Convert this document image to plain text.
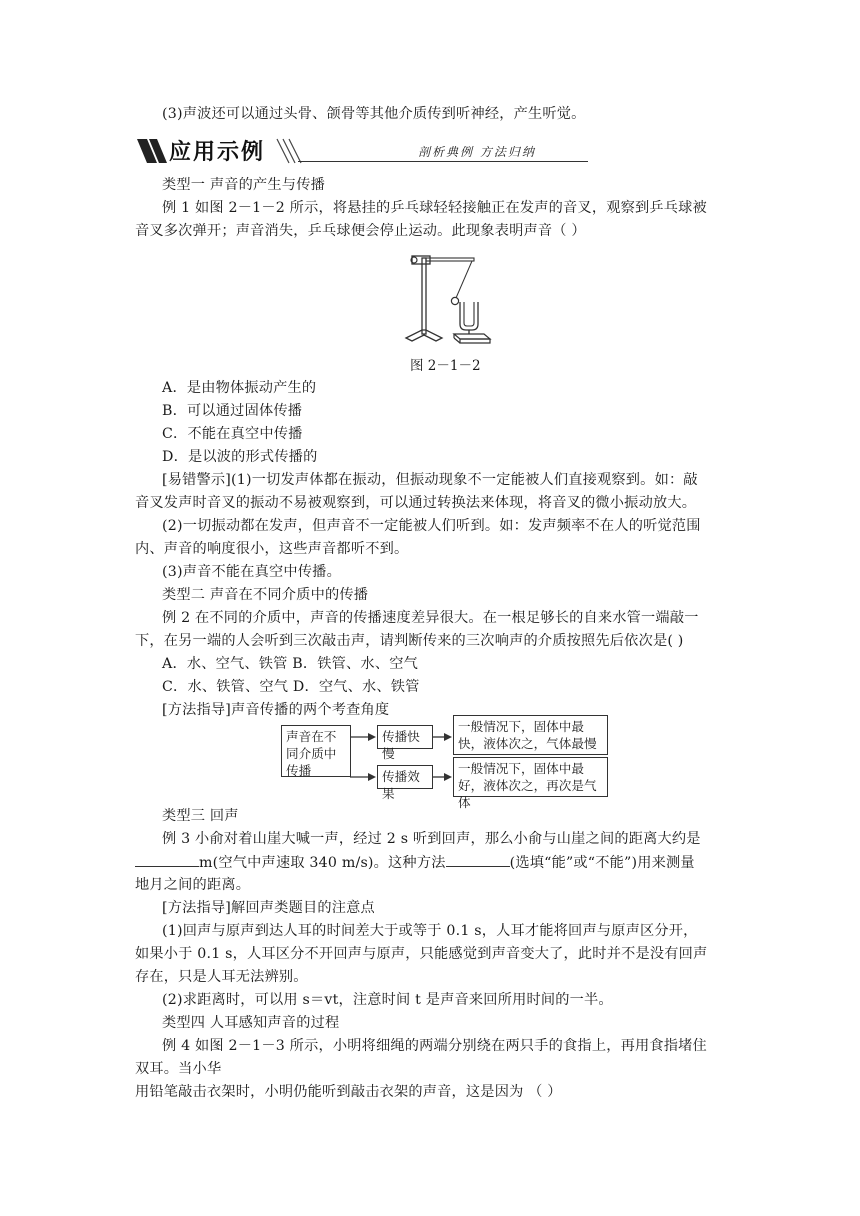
(3)声波还可以通过头骨、颌骨等其他介质传到听神经，产生听觉。
应用示例	剖析典例 方法归纳
类型一 声音的产生与传播
例 1 如图 2－1－2 所示，将悬挂的乒乓球轻轻接触正在发声的音叉，观察到乒乓球被
音叉多次弹开；声音消失，乒乓球便会停止运动。此现象表明声音（ ）
图 2－1－2
A．是由物体振动产生的
B．可以通过固体传播
C．不能在真空中传播
D．是以波的形式传播的
[易错警示](1)一切发声体都在振动，但振动现象不一定能被人们直接观察到。如：敲
音叉发声时音叉的振动不易被观察到，可以通过转换法来体现，将音叉的微小振动放大。
(2)一切振动都在发声，但声音不一定能被人们听到。如：发声频率不在人的听觉范围
内、声音的响度很小，这些声音都听不到。
(3)声音不能在真空中传播。
类型二 声音在不同介质中的传播
例 2 在不同的介质中，声音的传播速度差异很大。在一根足够长的自来水管一端敲一
下，在另一端的人会听到三次敲击声，请判断传来的三次响声的介质按照先后依次是( )
A．水、空气、铁管 B．铁管、水、空气
C．水、铁管、空气 D．空气、水、铁管
[方法指导]声音传播的两个考查角度
声音在不同介质中传播
传播快慢
一般情况下，固体中最快，液体次之，气体最慢
传播效果
一般情况下，固体中最好，液体次之，再次是气体
类型三 回声
例 3 小俞对着山崖大喊一声，经过 2 s 听到回声，那么小俞与山崖之间的距离大约是
m(空气中声速取 340 m/s)。这种方法	(选填“能”或“不能”)用来测量
地月之间的距离。
[方法指导]解回声类题目的注意点
(1)回声与原声到达人耳的时间差大于或等于 0.1 s，人耳才能将回声与原声区分开，
如果小于 0.1 s，人耳区分不开回声与原声，只能感觉到声音变大了，此时并不是没有回声
存在，只是人耳无法辨别。
(2)求距离时，可以用 s＝vt，注意时间 t 是声音来回所用时间的一半。
类型四 人耳感知声音的过程
例 4 如图 2－1－3 所示，小明将细绳的两端分别绕在两只手的食指上，再用食指堵住
双耳。当小华
用铅笔敲击衣架时，小明仍能听到敲击衣架的声音，这是因为 （ ）
